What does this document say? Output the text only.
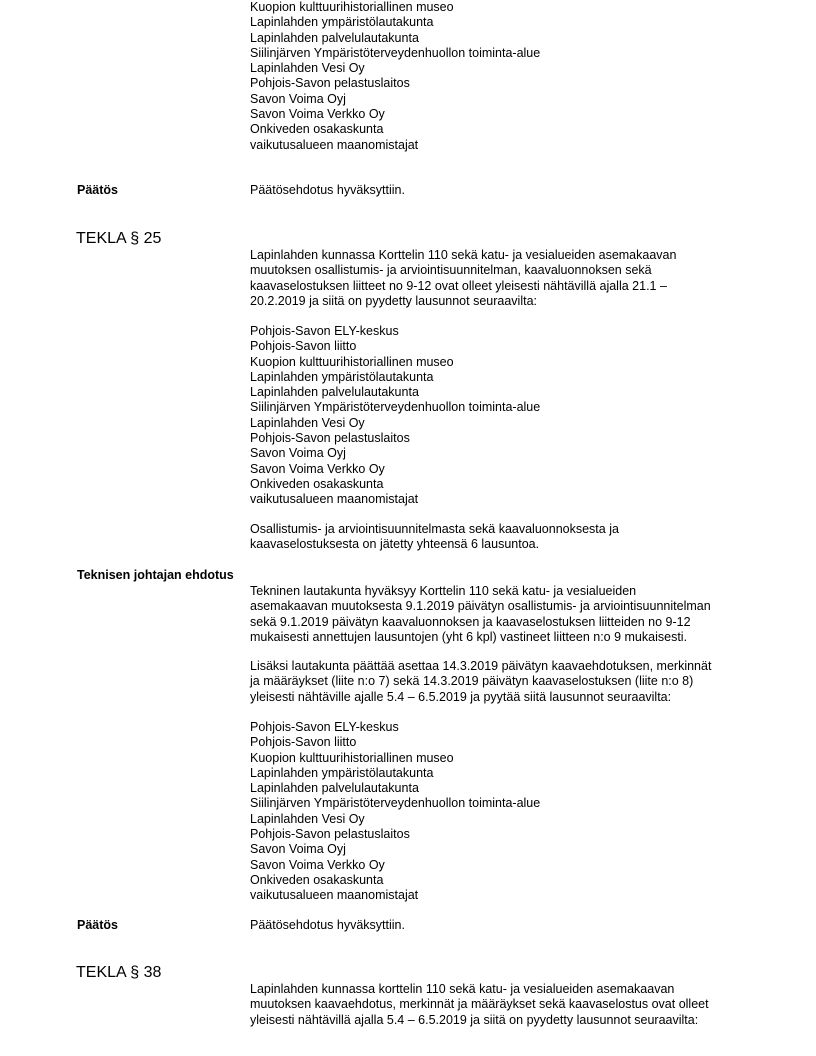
Kuopion kulttuurihistoriallinen museo
Lapinlahden ympäristölautakunta
Lapinlahden palvelulautakunta
Siilinjärven Ympäristöterveydenhuollon toiminta-alue
Lapinlahden Vesi Oy
Pohjois-Savon pelastuslaitos
Savon Voima Oyj
Savon Voima Verkko Oy
Onkiveden osakaskunta
vaikutusalueen maanomistajat
Päätös	Päätösehdotus hyväksyttiin.
TEKLA § 25
Lapinlahden kunnassa Korttelin 110 sekä katu- ja vesialueiden asemakaavan
muutoksen osallistumis- ja arviointisuunnitelman, kaavaluonnoksen sekä
kaavaselostuksen liitteet no 9-12 ovat olleet yleisesti nähtävillä ajalla 21.1 –
20.2.2019 ja siitä on pyydetty lausunnot seuraavilta:
Pohjois-Savon ELY-keskus
Pohjois-Savon liitto
Kuopion kulttuurihistoriallinen museo
Lapinlahden ympäristölautakunta
Lapinlahden palvelulautakunta
Siilinjärven Ympäristöterveydenhuollon toiminta-alue
Lapinlahden Vesi Oy
Pohjois-Savon pelastuslaitos
Savon Voima Oyj
Savon Voima Verkko Oy
Onkiveden osakaskunta
vaikutusalueen maanomistajat
Osallistumis- ja arviointisuunnitelmasta sekä kaavaluonnoksesta ja
kaavaselostuksesta on jätetty yhteensä 6 lausuntoa.
Teknisen johtajan ehdotus
Tekninen lautakunta hyväksyy Korttelin 110 sekä katu- ja vesialueiden
asemakaavan muutoksesta 9.1.2019 päivätyn osallistumis- ja arviointisuunnitelman
sekä 9.1.2019 päivätyn kaavaluonnoksen ja kaavaselostuksen liitteiden no 9-12
mukaisesti annettujen lausuntojen (yht 6 kpl) vastineet liitteen n:o 9 mukaisesti.
Lisäksi lautakunta päättää asettaa 14.3.2019 päivätyn kaavaehdotuksen, merkinnät
ja määräykset (liite n:o 7) sekä 14.3.2019 päivätyn kaavaselostuksen (liite n:o 8)
yleisesti nähtäville ajalle 5.4 – 6.5.2019 ja pyytää siitä lausunnot seuraavilta:
Pohjois-Savon ELY-keskus
Pohjois-Savon liitto
Kuopion kulttuurihistoriallinen museo
Lapinlahden ympäristölautakunta
Lapinlahden palvelulautakunta
Siilinjärven Ympäristöterveydenhuollon toiminta-alue
Lapinlahden Vesi Oy
Pohjois-Savon pelastuslaitos
Savon Voima Oyj
Savon Voima Verkko Oy
Onkiveden osakaskunta
vaikutusalueen maanomistajat
Päätös	Päätösehdotus hyväksyttiin.
TEKLA § 38
Lapinlahden kunnassa korttelin 110 sekä katu- ja vesialueiden asemakaavan
muutoksen kaavaehdotus, merkinnät ja määräykset sekä kaavaselostus ovat olleet
yleisesti nähtävillä ajalla 5.4 – 6.5.2019 ja siitä on pyydetty lausunnot seuraavilta:
